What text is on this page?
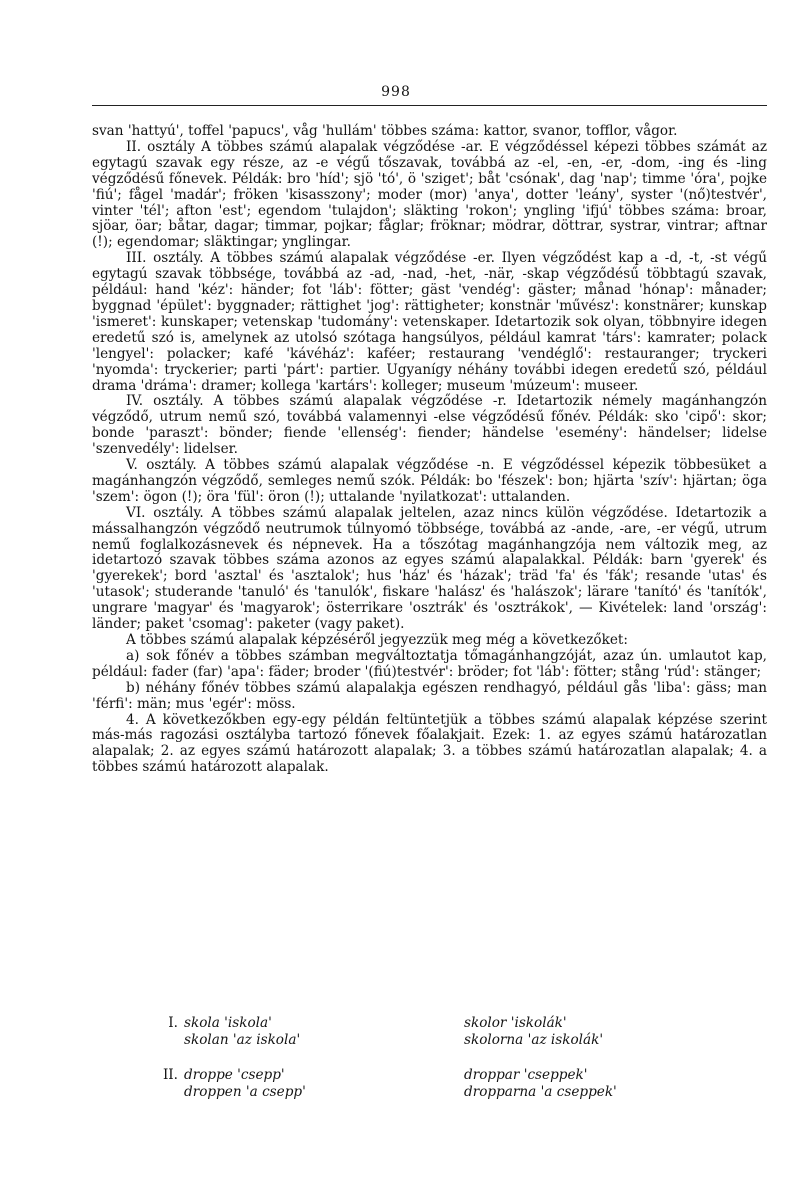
998

svan 'hattyú', toffel 'papucs', våg 'hullám' többes száma: kattor, svanor, tofflor, vågor.

II. osztály A többes számú alapalak végződése -ar. E végződéssel képezi többes számát az egytagú szavak egy része, az -e végű tőszavak, továbbá az -el, -en, -er, -dom, -ing és -ling végződésű főnevek. Példák: bro 'híd'; sjö 'tó', ö 'sziget'; båt 'csónak', dag 'nap'; timme 'óra', pojke 'fiú'; fågel 'madár'; fröken 'kisasszony'; moder (mor) 'anya', dotter 'leány', syster '(nő)testvér', vinter 'tél'; afton 'est'; egendom 'tulajdon'; släkting 'rokon'; yngling 'ifjú' többes száma: broar, sjöar, öar; båtar, dagar; timmar, pojkar; fåglar; fröknar; mödrar, döttrar, systrar, vintrar; aftnar (!); egendomar; släktingar; ynglingar.

III. osztály. A többes számú alapalak végződése -er. Ilyen végződést kap a -d, -t, -st végű egytagú szavak többsége, továbbá az -ad, -nad, -het, -när, -skap végződésű többtagú szavak, például: hand 'kéz': händer; fot 'láb': fötter; gäst 'vendég': gäster; månad 'hónap': månader; byggnad 'épület': byggnader; rättighet 'jog': rättigheter; konstnär 'művész': konstnärer; kunskap 'ismeret': kunskaper; vetenskap 'tudomány': vetenskaper. Idetartozik sok olyan, többnyire idegen eredetű szó is, amelynek az utolsó szótaga hangsúlyos, például kamrat 'társ': kamrater; polack 'lengyel': polacker; kafé 'kávéház': kaféer; restaurang 'vendéglő': restauranger; tryckeri 'nyomda': tryckerier; parti 'párt': partier. Ugyanígy néhány további idegen eredetű szó, például drama 'dráma': dramer; kollega 'kartárs': kolleger; museum 'múzeum': museer.

IV. osztály. A többes számú alapalak végződése -r. Idetartozik némely magánhangzón végződő, utrum nemű szó, továbbá valamennyi -else végződésű főnév. Példák: sko 'cipő': skor; bonde 'paraszt': bönder; fiende 'ellenség': fiender; händelse 'esemény': händelser; lidelse 'szenvedély': lidelser.

V. osztály. A többes számú alapalak végződése -n. E végződéssel képezik többesüket a magánhangzón végződő, semleges nemű szók. Példák: bo 'fészek': bon; hjärta 'szív': hjärtan; öga 'szem': ögon (!); öra 'fül': öron (!); uttalande 'nyilatkozat': uttalanden.

VI. osztály. A többes számú alapalak jeltelen, azaz nincs külön végződése. Idetartozik a mássalhangzón végződő neutrumok túlnyomó többsége, továbbá az -ande, -are, -er végű, utrum nemű foglalkozásnevek és népnevek. Ha a tőszótag magánhangzója nem változik meg, az idetartozó szavak többes száma azonos az egyes számú alapalakkal. Példák: barn 'gyerek' és 'gyerekek'; bord 'asztal' és 'asztalok'; hus 'ház' és 'házak'; träd 'fa' és 'fák'; resande 'utas' és 'utasok'; studerande 'tanuló' és 'tanulók', fiskare 'halász' és 'halászok'; lärare 'tanító' és 'tanítók', ungrare 'magyar' és 'magyarok'; österrikare 'osztrák' és 'osztrákok', — Kivételek: land 'ország': länder; paket 'csomag': paketer (vagy paket).

A többes számú alapalak képzéséről jegyezzük meg még a következőket:

a) sok főnév a többes számban megváltoztatja tőmagánhangzóját, azaz ún. umlautot kap, például: fader (far) 'apa': fäder; broder '(fiú)testvér': bröder; fot 'láb': fötter; stång 'rúd': stänger;

b) néhány főnév többes számú alapalakja egészen rendhagyó, például gås 'liba': gäss; man 'férfi': män; mus 'egér': möss.

4. A következőkben egy-egy példán feltüntetjük a többes számú alapalak képzése szerint más-más ragozási osztályba tartozó főnevek főalakjait. Ezek: 1. az egyes számú határozatlan alapalak; 2. az egyes számú határozott alapalak; 3. a többes számú határozatlan alapalak; 4. a többes számú határozott alapalak.

I. skola 'iskola'
skolan 'az iskola'
skolor 'iskolák'
skolorna 'az iskolák'
II. droppe 'csepp'
droppen 'a csepp'
droppar 'cseppek'
dropparna 'a cseppek'
